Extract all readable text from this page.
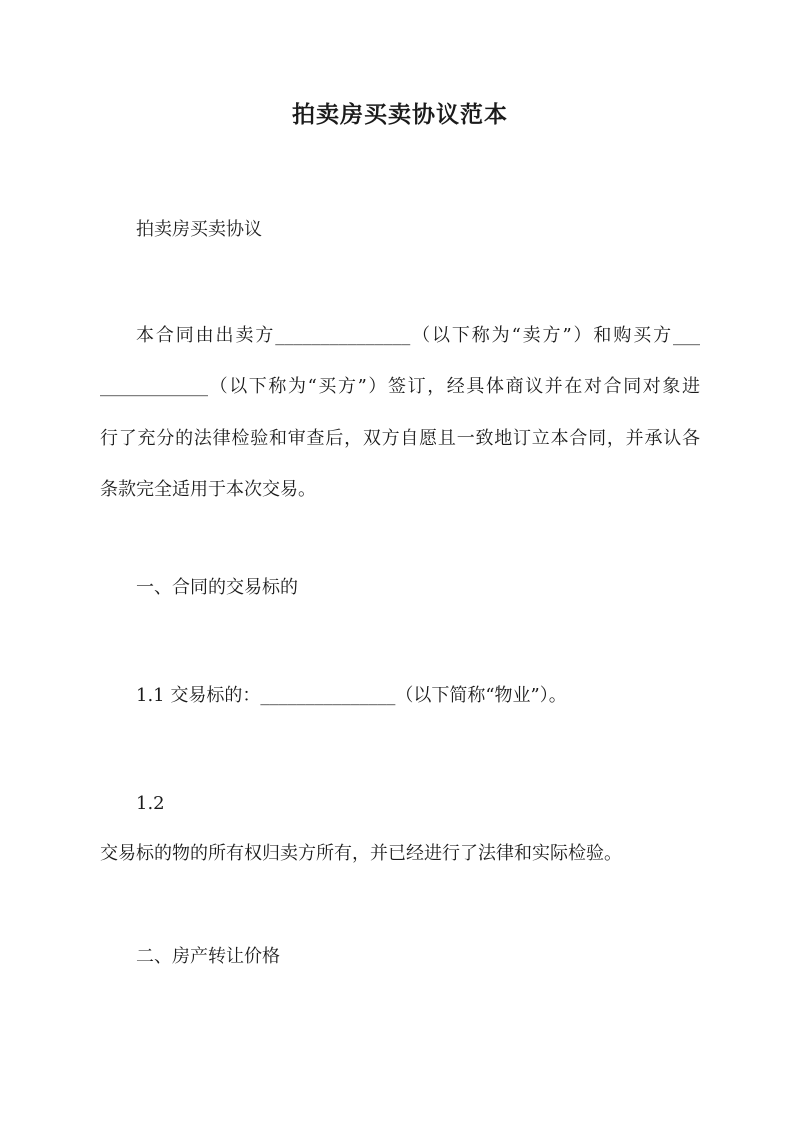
拍卖房买卖协议范本
拍卖房买卖协议
本合同由出卖方_______________（以下称为“卖方”）和购买方___
____________（以下称为“买方”）签订，经具体商议并在对合同对象进
行了充分的法律检验和审查后，双方自愿且一致地订立本合同，并承认各
条款完全适用于本次交易。
一、合同的交易标的
1.1 交易标的：_______________（以下简称“物业”）。
1.2
交易标的物的所有权归卖方所有，并已经进行了法律和实际检验。
二、房产转让价格
